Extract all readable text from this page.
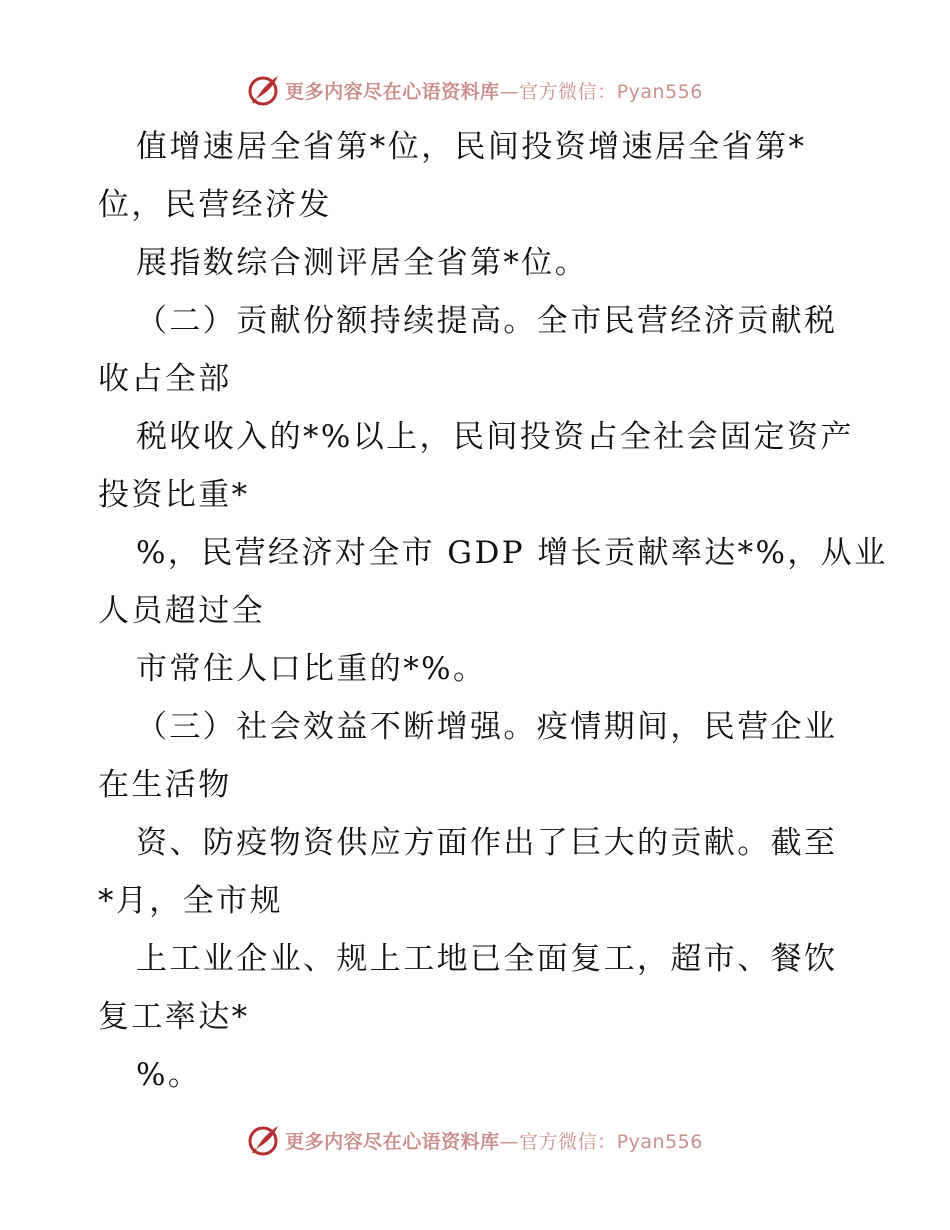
更多内容尽在心语资料库—官方微信：Pyan556
值增速居全省第*位，民间投资增速居全省第*
位，民营经济发
展指数综合测评居全省第*位。
（二）贡献份额持续提高。全市民营经济贡献税
收占全部
税收收入的*%以上，民间投资占全社会固定资产
投资比重*
%，民营经济对全市 GDP 增长贡献率达*%，从业
人员超过全
市常住人口比重的*%。
（三）社会效益不断增强。疫情期间，民营企业
在生活物
资、防疫物资供应方面作出了巨大的贡献。截至
*月，全市规
上工业企业、规上工地已全面复工，超市、餐饮
复工率达*
%。
更多内容尽在心语资料库—官方微信：Pyan556
